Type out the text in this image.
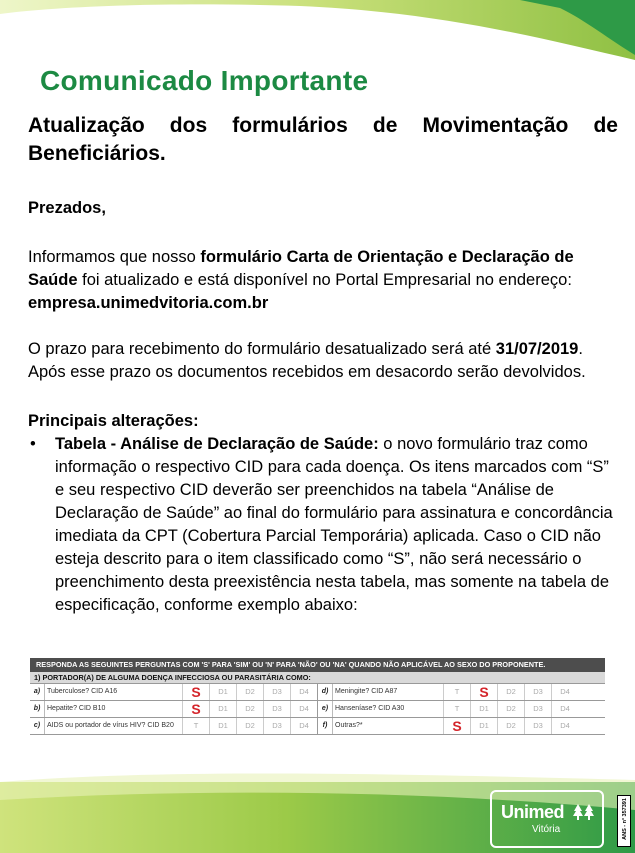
Comunicado Importante
Atualização dos formulários de Movimentação de Beneficiários.
Prezados,
Informamos que nosso formulário Carta de Orientação e Declaração de Saúde foi atualizado e está disponível no Portal Empresarial no endereço: empresa.unimedvitoria.com.br
O prazo para recebimento do formulário desatualizado será até 31/07/2019. Após esse prazo os documentos recebidos em desacordo serão devolvidos.
Principais alterações:
•	Tabela - Análise de Declaração de Saúde: o novo formulário traz como informação o respectivo CID para cada doença. Os itens marcados com “S” e seu respectivo CID deverão ser preenchidos na tabela “Análise de Declaração de Saúde” ao final do formulário para assinatura e concordância imediata da CPT (Cobertura Parcial Temporária) aplicada. Caso o CID não esteja descrito para o item classificado como “S”, não será necessário o preenchimento desta preexistência nesta tabela, mas somente na tabela de especificação, conforme exemplo abaixo:
RESPONDA AS SEGUINTES PERGUNTAS COM 'S' PARA 'SIM' OU 'N' PARA 'NÃO' OU 'NA' QUANDO NÃO APLICÁVEL AO SEXO DO PROPONENTE.
1) PORTADOR(A) DE ALGUMA DOENÇA INFECCIOSA OU PARASITÁRIA COMO:
a) Tuberculose? CID A16	S	D1	D2	D3	D4	d) Meningite? CID A87	T	S	D2	D3	D4
b) Hepatite? CID B10	S	D1	D2	D3	D4	e) Hanseníase? CID A30	T	D1	D2	D3	D4
c) AIDS ou portador de vírus HIV? CID B20	T	D1	D2	D3	D4	f)	Outras?*	S	D1	D2	D3	D4
Unimed
Vitória	ANS - nº 357391
